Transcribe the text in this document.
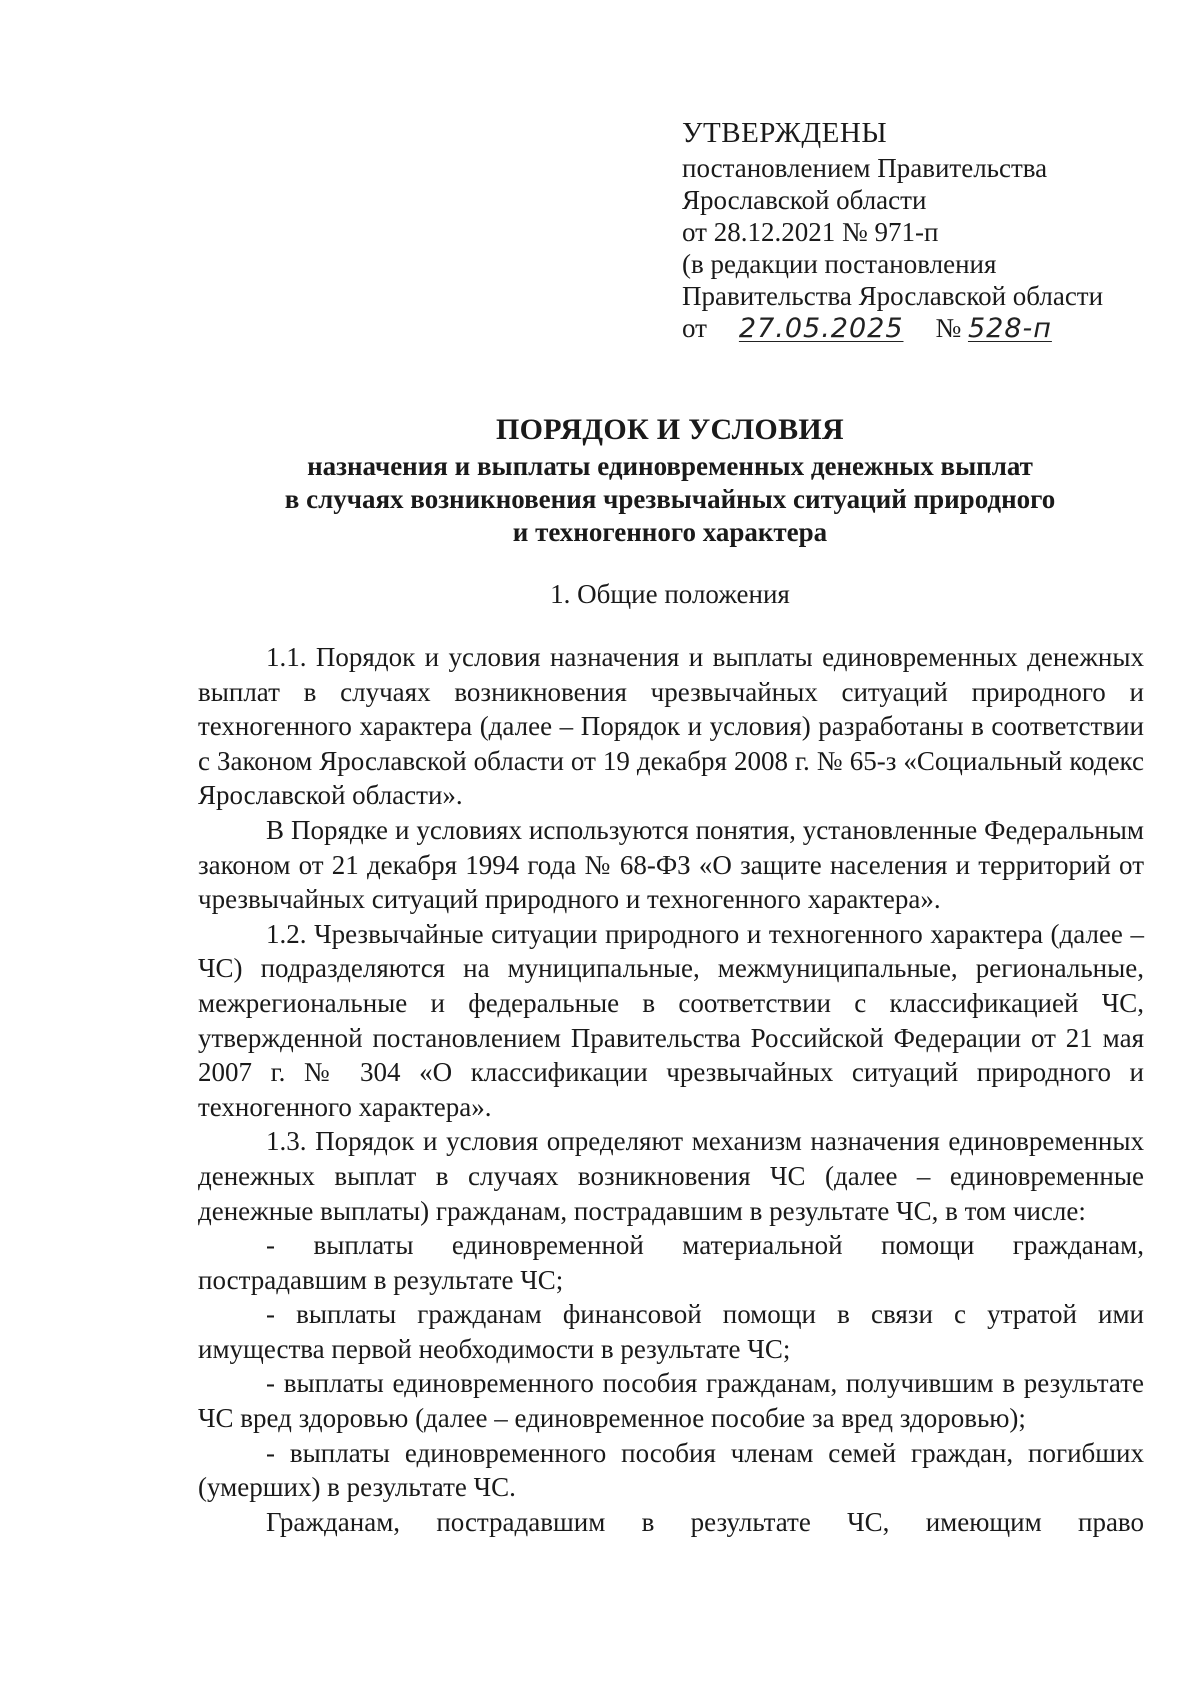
УТВЕРЖДЕНЫ
постановлением Правительства
Ярославской области
от 28.12.2021 № 971-п
(в редакции постановления
Правительства Ярославской области
от 27.05.2025 № 528-п
ПОРЯДОК И УСЛОВИЯ
назначения и выплаты единовременных денежных выплат
в случаях возникновения чрезвычайных ситуаций природного
и техногенного характера
1. Общие положения

1.1. Порядок и условия назначения и выплаты единовременных денежных выплат в случаях возникновения чрезвычайных ситуаций природного и техногенного характера (далее – Порядок и условия) разработаны в соответствии с Законом Ярославской области от 19 декабря 2008 г. № 65-з «Социальный кодекс Ярославской области».

В Порядке и условиях используются понятия, установленные Федеральным законом от 21 декабря 1994 года № 68-ФЗ «О защите населения и территорий от чрезвычайных ситуаций природного и техногенного характера».

1.2. Чрезвычайные ситуации природного и техногенного характера (далее – ЧС) подразделяются на муниципальные, межмуниципальные, региональные, межрегиональные и федеральные в соответствии с классификацией ЧС, утвержденной постановлением Правительства Российской Федерации от 21 мая 2007 г. № 304 «О классификации чрезвычайных ситуаций природного и техногенного характера».

1.3. Порядок и условия определяют механизм назначения единовременных денежных выплат в случаях возникновения ЧС (далее – единовременные денежные выплаты) гражданам, пострадавшим в результате ЧС, в том числе:

- выплаты единовременной материальной помощи гражданам, пострадавшим в результате ЧС;

- выплаты гражданам финансовой помощи в связи с утратой ими имущества первой необходимости в результате ЧС;

- выплаты единовременного пособия гражданам, получившим в результате ЧС вред здоровью (далее – единовременное пособие за вред здоровью);

- выплаты единовременного пособия членам семей граждан, погибших (умерших) в результате ЧС.

Гражданам, пострадавшим в результате ЧС, имеющим право
